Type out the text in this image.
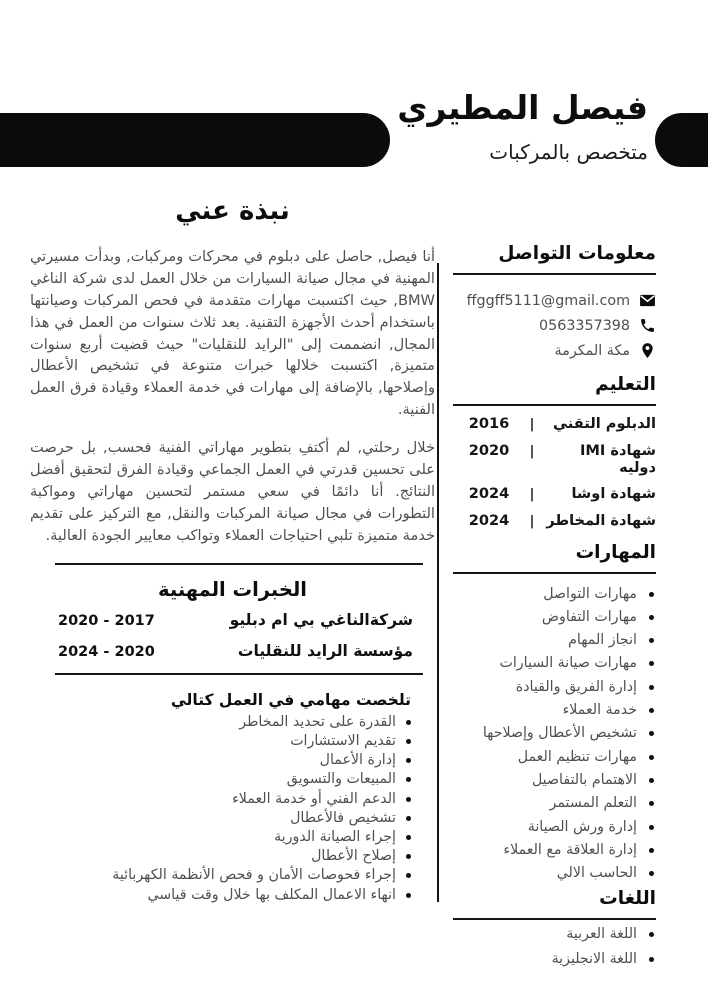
فيصل المطيري
متخصص بالمركبات
نبذة عني

أنا فيصل, حاصل على دبلوم في محركات ومركبات, وبدأت مسيرتي المهنية في مجال صيانة السيارات من خلال العمل لدى شركة الناغي BMW, حيث اكتسبت مهارات متقدمة في فحص المركبات وصيانتها باستخدام أحدث الأجهزة التقنية. بعد ثلاث سنوات من العمل في هذا المجال, انضممت إلى "الرايد للنقليات" حيث قضيت أربع سنوات متميزة, اكتسبت خلالها خبرات متنوعة في تشخيص الأعطال وإصلاحها, بالإضافة إلى مهارات في خدمة العملاء وقيادة فرق العمل الفنية.

خلال رحلتي, لم أكتفِ بتطوير مهاراتي الفنية فحسب, بل حرصت على تحسين قدرتي في العمل الجماعي وقيادة الفرق لتحقيق أفضل النتائج. أنا دائمًا في سعي مستمر لتحسين مهاراتي ومواكبة التطورات في مجال صيانة المركبات والنقل, مع التركيز على تقديم خدمة متميزة تلبي احتياجات العملاء وتواكب معايير الجودة العالية.

الخبرات المهنية
شركةالناغي بي ام دبليو
2017 - 2020
مؤسسة الرايد للنقليات
2020 - 2024
تلخصت مهامي في العمل كتالي
القدرة على تحديد المخاطر
تقديم الاستشارات
إدارة الأعمال
المبيعات والتسويق
الدعم الفني أو خدمة العملاء
تشخيص فالأعطال
إجراء الصيانة الدورية
إصلاح الأعطال
إجراء فحوصات الأمان و فحص الأنظمة الكهربائية
انهاء الاعمال المكلف بها خلال وقت قياسي
معلومات التواصل
ffggff5111@gmail.com
0563357398
مكة المكرمة
التعليم
الدبلوم التقني
|
2016
شهادة IMI دوليه
|
2020
شهادة اوشا
|
2024
شهادة المخاطر
|
2024
المهارات
مهارات التواصل
مهارات التفاوض
انجاز المهام
مهارات صيانة السيارات
إدارة الفريق والقيادة
خدمة العملاء
تشخيص الأعطال وإصلاحها
مهارات تنظيم العمل
الاهتمام بالتفاصيل
التعلم المستمر
إدارة ورش الصيانة
إدارة العلاقة مع العملاء
الحاسب الالي
اللغات
اللغة العربية
اللغة الانجليزية
